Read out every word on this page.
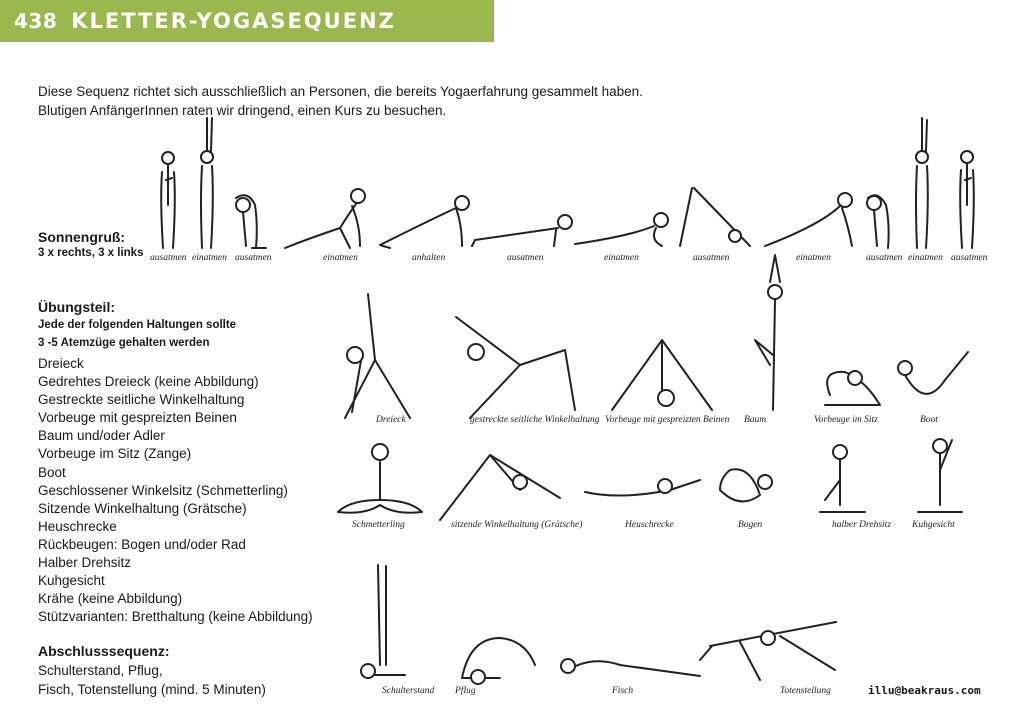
438 KLETTER-YOGASEQUENZ

Diese Sequenz richtet sich ausschließlich an Personen, die bereits Yogaerfahrung gesammelt haben.

Blutigen AnfängerInnen raten wir dringend, einen Kurs zu besuchen.

Sonnengruß:
3 x rechts, 3 x links
Übungsteil:
Jede der folgenden Haltungen sollte
3 -5 Atemzüge gehalten werden
Dreieck
Gedrehtes Dreieck (keine Abbildung)
Gestreckte seitliche Winkelhaltung
Vorbeuge mit gespreizten Beinen
Baum und/oder Adler
Vorbeuge im Sitz (Zange)
Boot
Geschlossener Winkelsitz (Schmetterling)
Sitzende Winkelhaltung (Grätsche)
Heuschrecke
Rückbeugen: Bogen und/oder Rad
Halber Drehsitz
Kuhgesicht
Krähe (keine Abbildung)
Stützvarianten: Bretthaltung (keine Abbildung)
Abschlusssequenz:

Schulterstand, Pflug,

Fisch, Totenstellung (mind. 5 Minuten)

ausatmen einatmen ausatmen	einatmen	anhalten	ausatmen	einatmen	ausatmen	einatmen	ausatmen einatmen ausatmen
Dreieck	gestreckte seitliche Winkelhaltung Vorbeuge mit gespreizten Beinen Baum	Vorbeuge im Sitz	Boot
Schmetterling	sitzende Winkelhaltung (Grätsche)	Heuschrecke	Bogen	halber Drehsitz Kuhgesicht
Schulterstand Pflug	Fisch	Totenstellung	illu@beakraus.com
